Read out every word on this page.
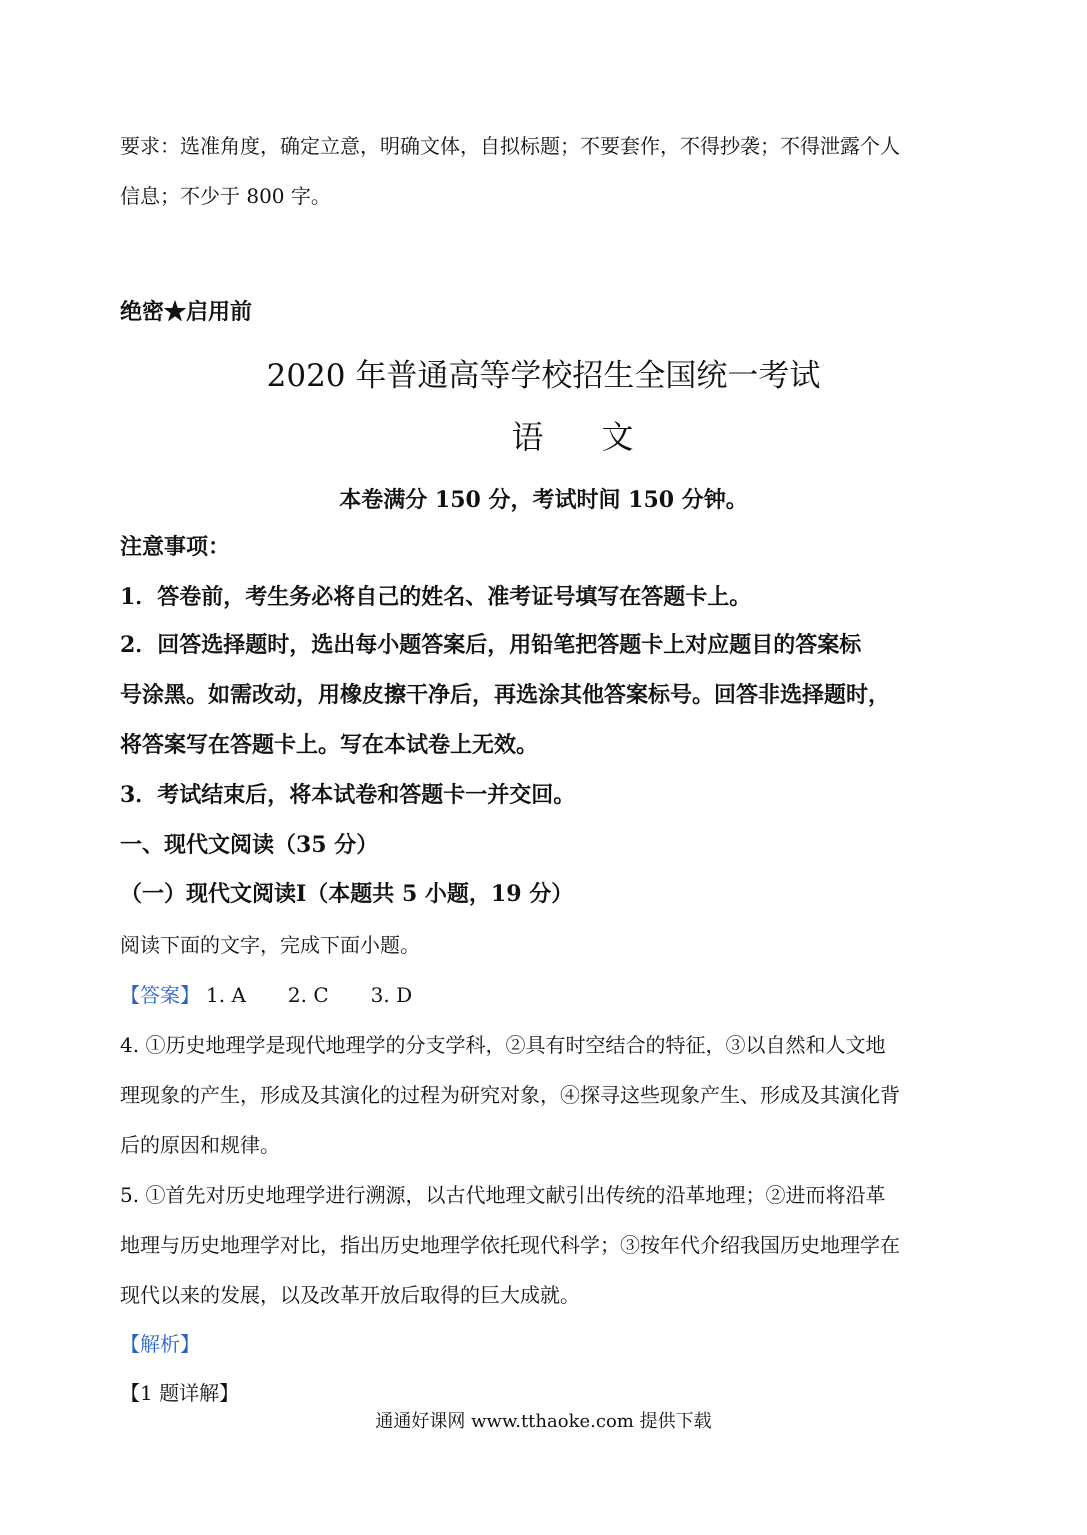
要求：选准角度，确定立意，明确文体，自拟标题；不要套作，不得抄袭；不得泄露个人
信息；不少于 800 字。
绝密★启用前
2020 年普通高等学校招生全国统一考试
语文
本卷满分 150 分，考试时间 150 分钟。
注意事项：
1．答卷前，考生务必将自己的姓名、准考证号填写在答题卡上。
2．回答选择题时，选出每小题答案后，用铅笔把答题卡上对应题目的答案标
号涂黑。如需改动，用橡皮擦干净后，再选涂其他答案标号。回答非选择题时，
将答案写在答题卡上。写在本试卷上无效。
3．考试结束后，将本试卷和答题卡一并交回。
一、现代文阅读（35 分）
（一）现代文阅读Ⅰ（本题共 5 小题，19 分）
阅读下面的文字，完成下面小题。
【答案】 1. A 2. C 3. D
4. ①历史地理学是现代地理学的分支学科，②具有时空结合的特征，③以自然和人文地
理现象的产生，形成及其演化的过程为研究对象，④探寻这些现象产生、形成及其演化背
后的原因和规律。
5. ①首先对历史地理学进行溯源，以古代地理文献引出传统的沿革地理；②进而将沿革
地理与历史地理学对比，指出历史地理学依托现代科学；③按年代介绍我国历史地理学在
现代以来的发展，以及改革开放后取得的巨大成就。
【解析】
【1 题详解】
通通好课网 www.tthaoke.com 提供下载
